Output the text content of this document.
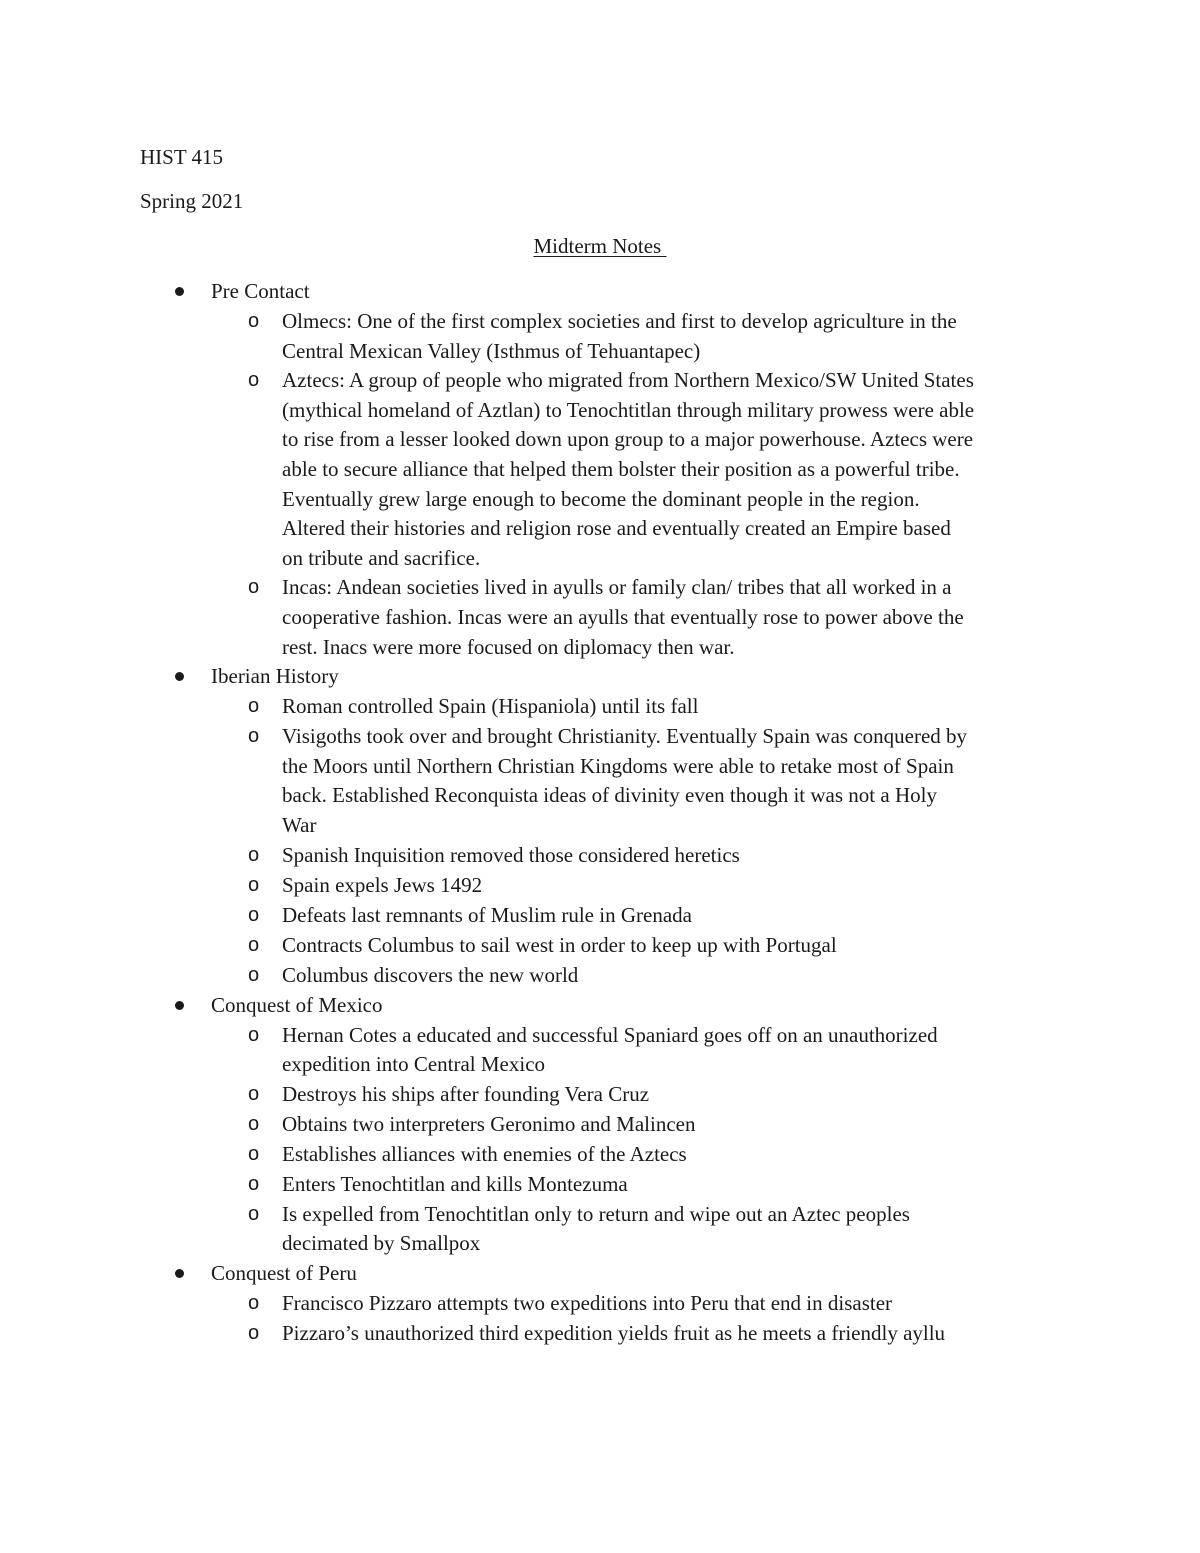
HIST 415
Spring 2021
Midterm Notes
Pre Contact
o Olmecs: One of the first complex societies and first to develop agriculture in the
Central Mexican Valley (Isthmus of Tehuantapec)
o Aztecs: A group of people who migrated from Northern Mexico/SW United States
(mythical homeland of Aztlan) to Tenochtitlan through military prowess were able
to rise from a lesser looked down upon group to a major powerhouse. Aztecs were
able to secure alliance that helped them bolster their position as a powerful tribe.
Eventually grew large enough to become the dominant people in the region.
Altered their histories and religion rose and eventually created an Empire based
on tribute and sacrifice.
o Incas: Andean societies lived in ayulls or family clan/ tribes that all worked in a
cooperative fashion. Incas were an ayulls that eventually rose to power above the
rest. Inacs were more focused on diplomacy then war.
Iberian History
o Roman controlled Spain (Hispaniola) until its fall
o Visigoths took over and brought Christianity. Eventually Spain was conquered by
the Moors until Northern Christian Kingdoms were able to retake most of Spain
back. Established Reconquista ideas of divinity even though it was not a Holy
War
o Spanish Inquisition removed those considered heretics
o Spain expels Jews 1492
o Defeats last remnants of Muslim rule in Grenada
o Contracts Columbus to sail west in order to keep up with Portugal
o Columbus discovers the new world
Conquest of Mexico
o Hernan Cotes a educated and successful Spaniard goes off on an unauthorized
expedition into Central Mexico
o Destroys his ships after founding Vera Cruz
o Obtains two interpreters Geronimo and Malincen
o Establishes alliances with enemies of the Aztecs
o Enters Tenochtitlan and kills Montezuma
o Is expelled from Tenochtitlan only to return and wipe out an Aztec peoples
decimated by Smallpox
Conquest of Peru
o Francisco Pizzaro attempts two expeditions into Peru that end in disaster
o Pizzaro’s unauthorized third expedition yields fruit as he meets a friendly ayllu
